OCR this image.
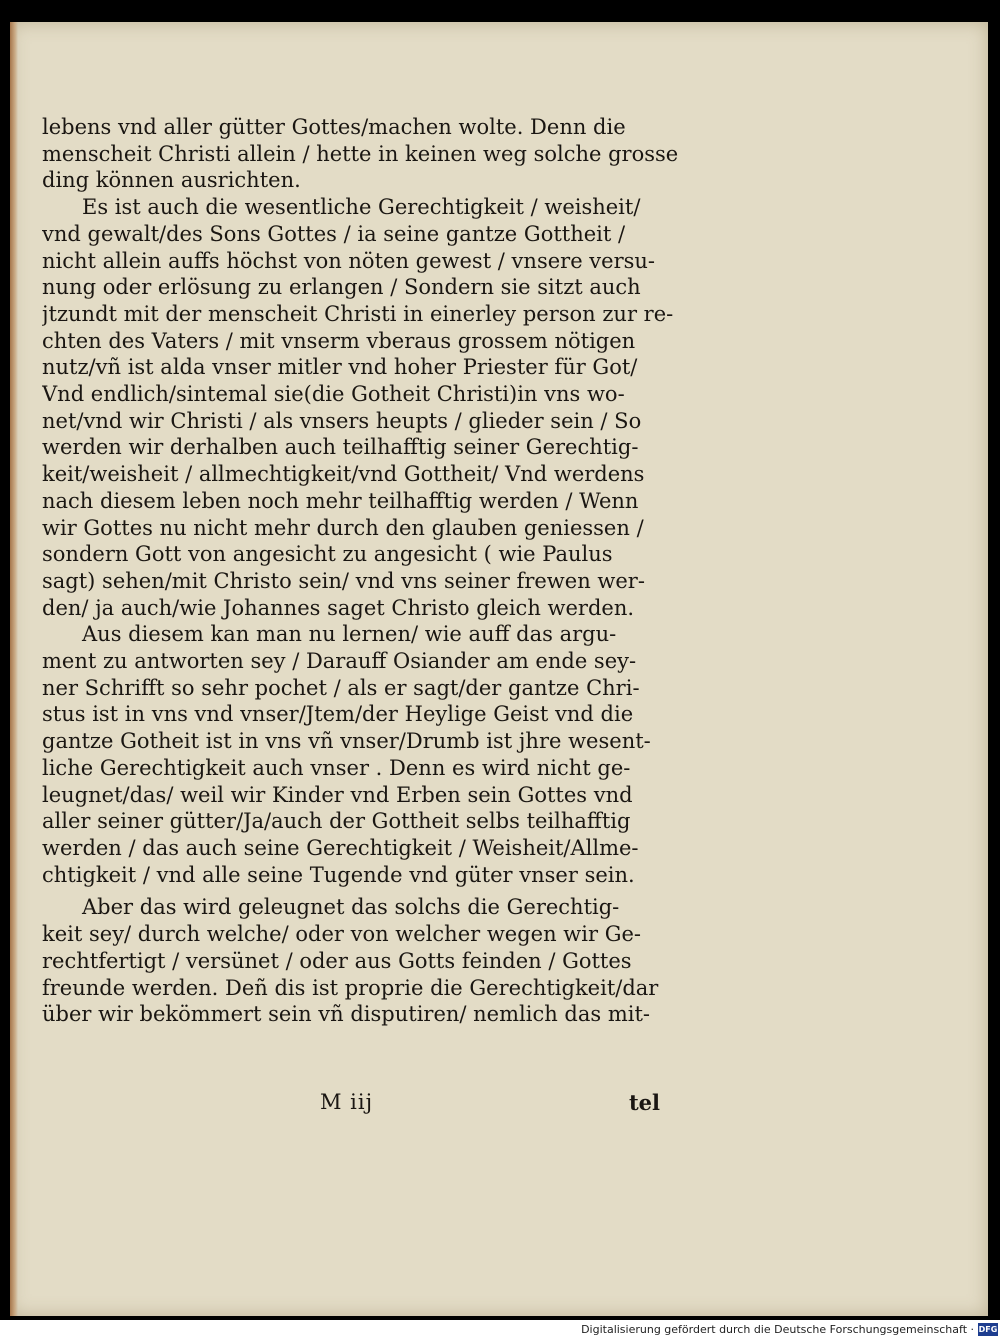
lebens vnd aller gütter Gottes/machen wolte. Denn die
menscheit Christi allein / hette in keinen weg solche grosse
ding können ausrichten.
Es ist auch die wesentliche Gerechtigkeit / weisheit/
vnd gewalt/des Sons Gottes / ia seine gantze Gottheit /
nicht allein auffs höchst von nöten gewest / vnsere versu-
nung oder erlösung zu erlangen / Sondern sie sitzt auch
jtzundt mit der menscheit Christi in einerley person zur re-
chten des Vaters / mit vnserm vberaus grossem nötigen
nutz/vñ ist alda vnser mitler vnd hoher Priester für Got/
Vnd endlich/sintemal sie(die Gotheit Christi)in vns wo-
net/vnd wir Christi / als vnsers heupts / glieder sein / So
werden wir derhalben auch teilhafftig seiner Gerechtig-
keit/weisheit / allmechtigkeit/vnd Gottheit/ Vnd werdens
nach diesem leben noch mehr teilhafftig werden / Wenn
wir Gottes nu nicht mehr durch den glauben geniessen /
sondern Gott von angesicht zu angesicht ( wie Paulus
sagt) sehen/mit Christo sein/ vnd vns seiner frewen wer-
den/ ja auch/wie Johannes saget Christo gleich werden.
Aus diesem kan man nu lernen/ wie auff das argu-
ment zu antworten sey / Darauff Osiander am ende sey-
ner Schrifft so sehr pochet / als er sagt/der gantze Chri-
stus ist in vns vnd vnser/Jtem/der Heylige Geist vnd die
gantze Gotheit ist in vns vñ vnser/Drumb ist jhre wesent-
liche Gerechtigkeit auch vnser . Denn es wird nicht ge-
leugnet/das/ weil wir Kinder vnd Erben sein Gottes vnd
aller seiner gütter/Ja/auch der Gottheit selbs teilhafftig
werden / das auch seine Gerechtigkeit / Weisheit/Allme-
chtigkeit / vnd alle seine Tugende vnd güter vnser sein.
Aber das wird geleugnet das solchs die Gerechtig-
keit sey/ durch welche/ oder von welcher wegen wir Ge-
rechtfertigt / versünet / oder aus Gotts feinden / Gottes
freunde werden. Deñ dis ist proprie die Gerechtigkeit/dar
über wir bekömmert sein vñ disputiren/ nemlich das mit-
M iij	tel
Digitalisierung gefördert durch die Deutsche Forschungsgemeinschaft · DFG
